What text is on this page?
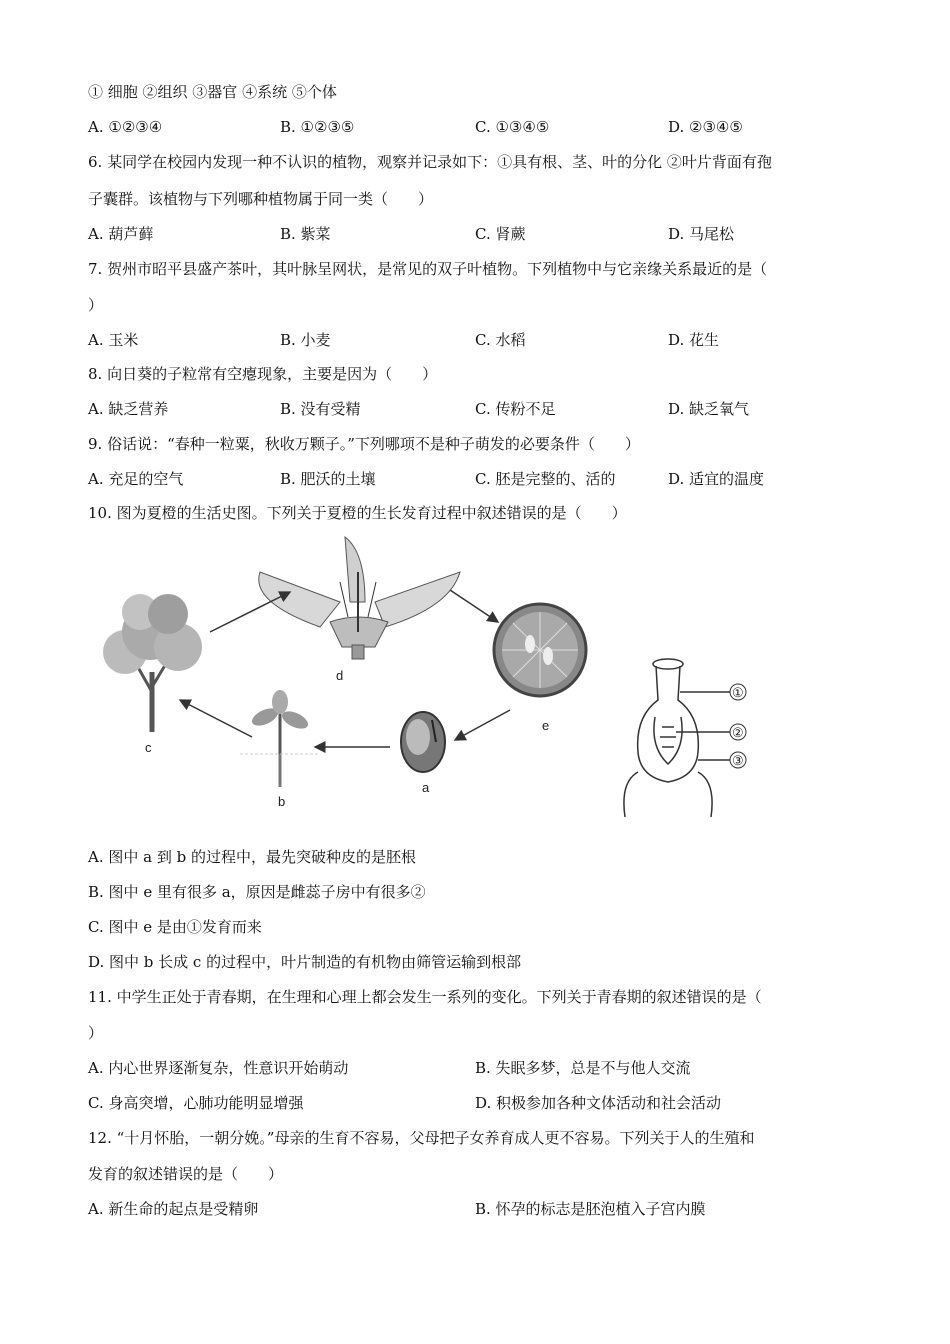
① 细胞 ②组织 ③器官 ④系统 ⑤个体
A. ①②③④	B. ①②③⑤	C. ①③④⑤	D. ②③④⑤
6. 某同学在校园内发现一种不认识的植物，观察并记录如下：①具有根、茎、叶的分化 ②叶片背面有孢
子囊群。该植物与下列哪种植物属于同一类（　　）
A. 葫芦藓	B. 紫菜	C. 肾蕨	D. 马尾松
7. 贺州市昭平县盛产茶叶，其叶脉呈网状，是常见的双子叶植物。下列植物中与它亲缘关系最近的是（
）
A. 玉米	B. 小麦	C. 水稻	D. 花生
8. 向日葵的子粒常有空瘪现象，主要是因为（　　）
A. 缺乏营养	B. 没有受精	C. 传粉不足	D. 缺乏氧气
9. 俗话说：“春种一粒粟，秋收万颗子。”下列哪项不是种子萌发的必要条件（　　）
A. 充足的空气	B. 肥沃的土壤	C. 胚是完整的、活的	D. 适宜的温度
10. 图为夏橙的生活史图。下列关于夏橙的生长发育过程中叙述错误的是（　　）
c
d
e
a
b
①
②
③
A. 图中 a 到 b 的过程中，最先突破种皮的是胚根
B. 图中 e 里有很多 a，原因是雌蕊子房中有很多②
C. 图中 e 是由①发育而来
D. 图中 b 长成 c 的过程中，叶片制造的有机物由筛管运输到根部
11. 中学生正处于青春期，在生理和心理上都会发生一系列的变化。下列关于青春期的叙述错误的是（
）
A. 内心世界逐渐复杂，性意识开始萌动	B. 失眠多梦，总是不与他人交流
C. 身高突增，心肺功能明显增强	D. 积极参加各种文体活动和社会活动
12. “十月怀胎，一朝分娩。”母亲的生育不容易，父母把子女养育成人更不容易。下列关于人的生殖和
发育的叙述错误的是（　　）
A. 新生命的起点是受精卵	B. 怀孕的标志是胚泡植入子宫内膜
